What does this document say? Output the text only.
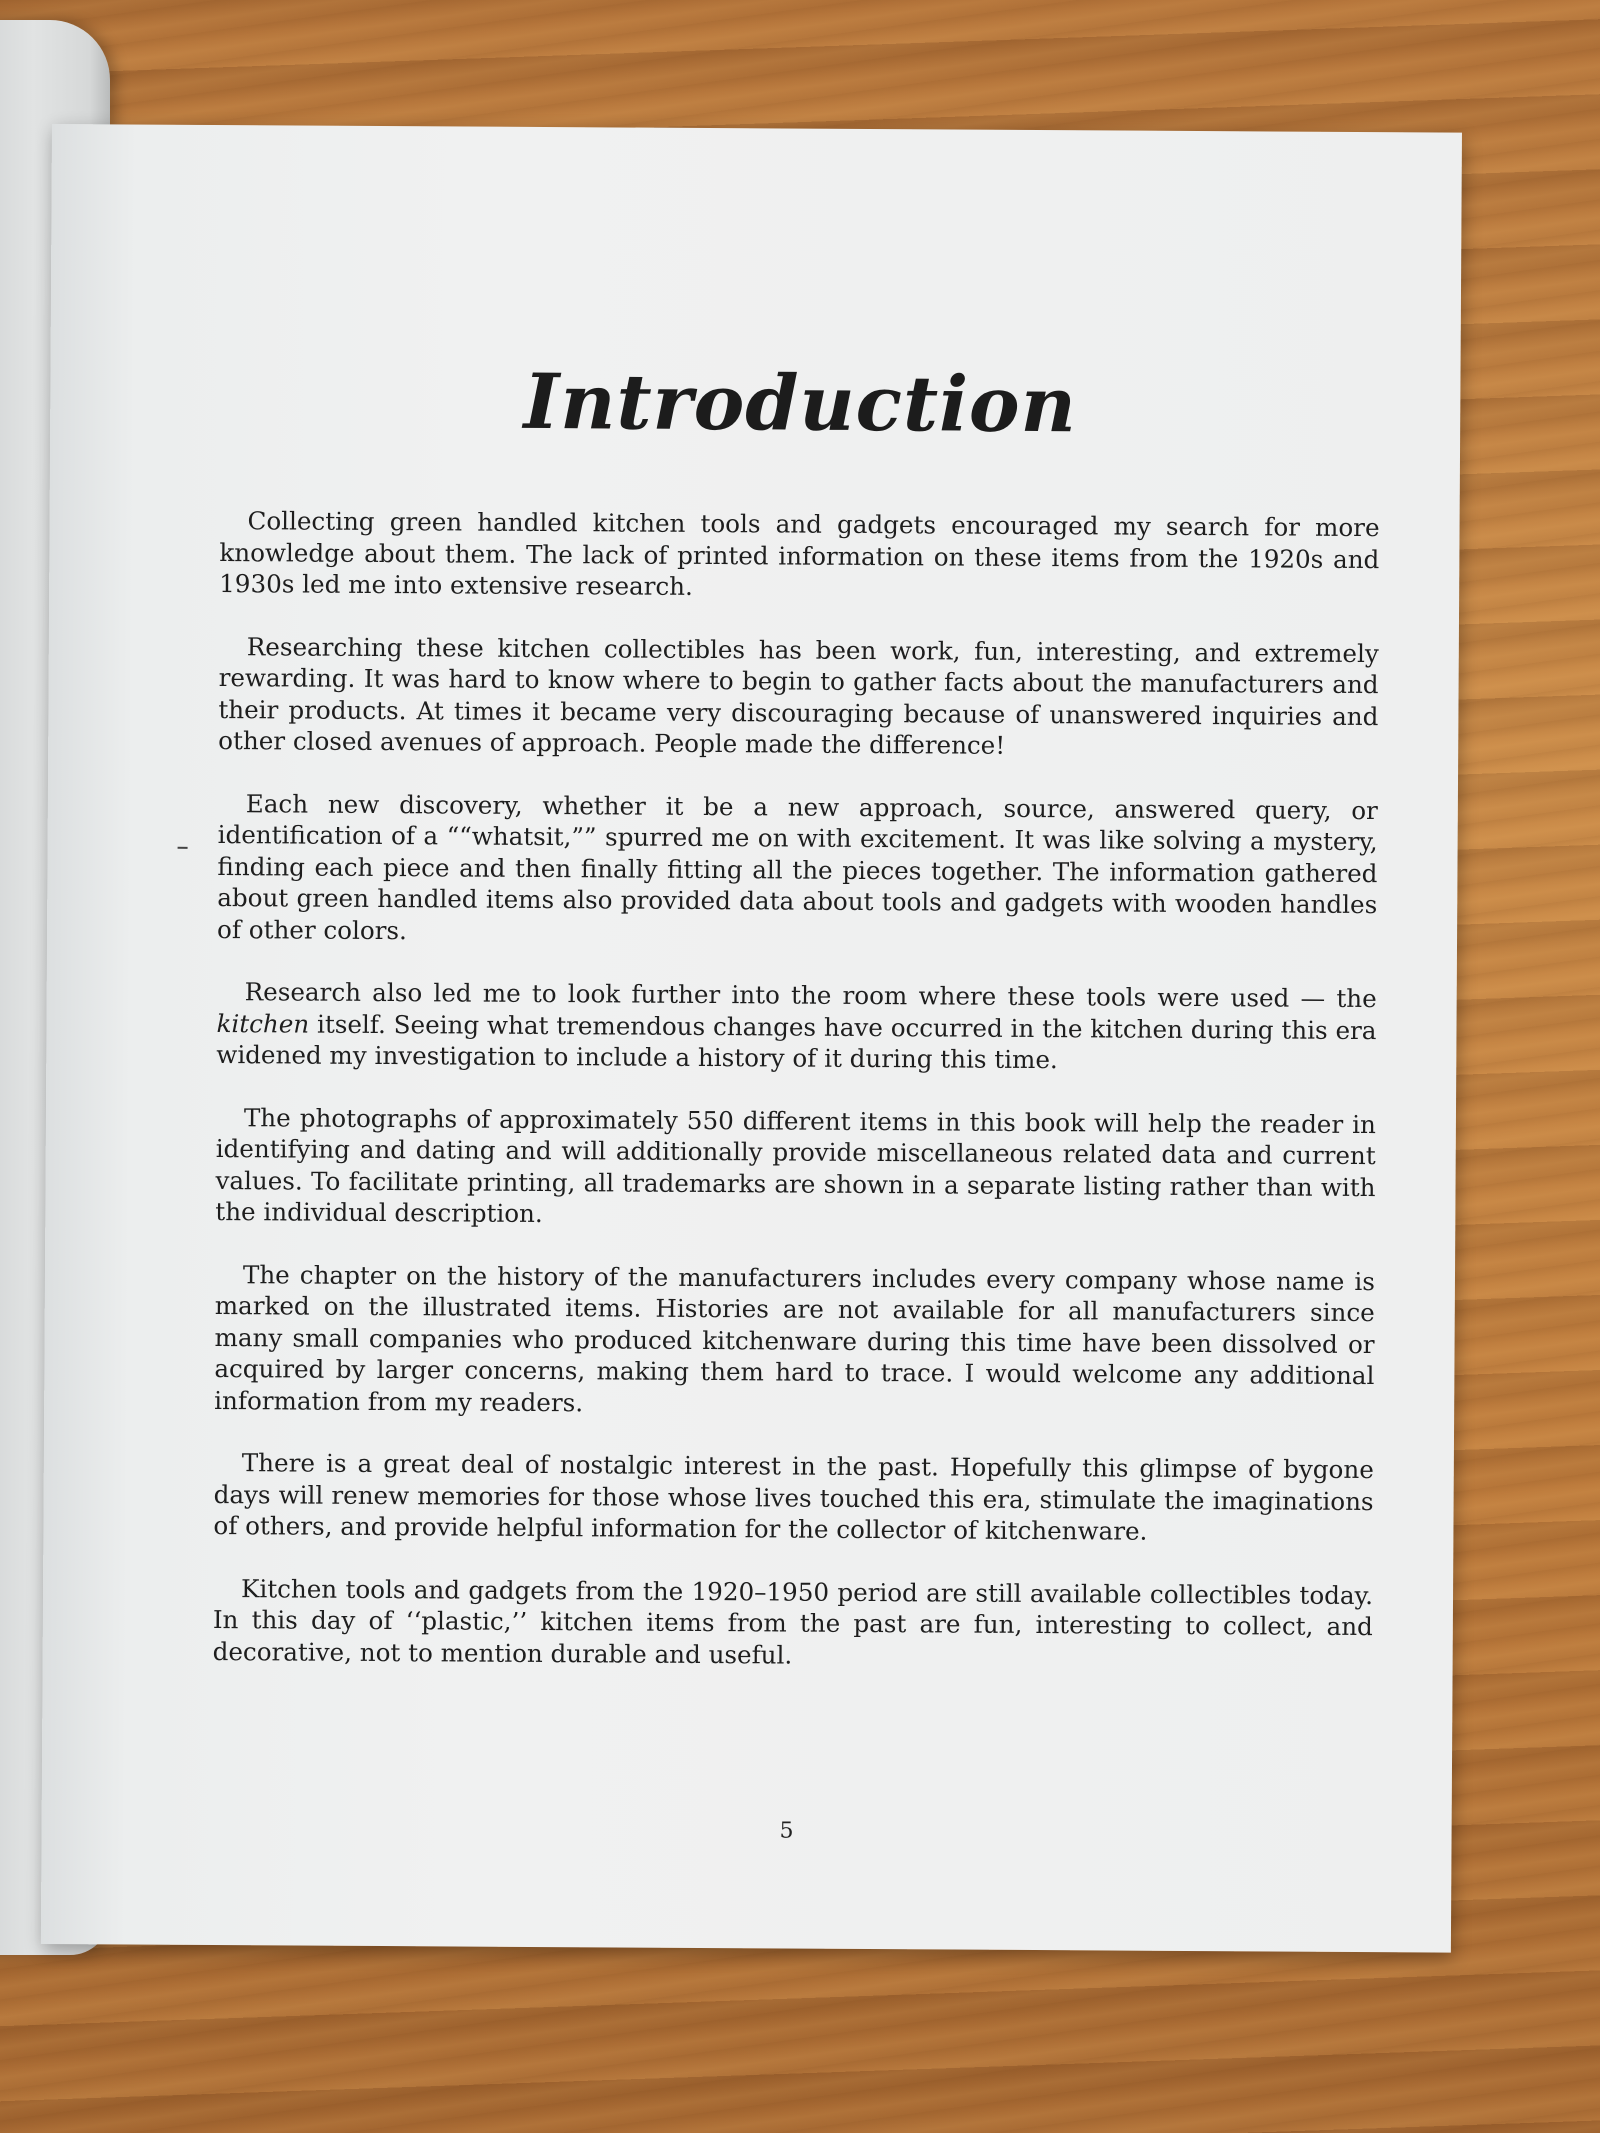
Introduction

Collecting green handled kitchen tools and gadgets encouraged my search for more knowledge about them. The lack of printed information on these items from the 1920s and 1930s led me into extensive research.

Researching these kitchen collectibles has been work, fun, interesting, and extremely rewarding. It was hard to know where to begin to gather facts about the manufacturers and their products. At times it became very discouraging because of unanswered inquiries and other closed avenues of approach. People made the difference!

Each new discovery, whether it be a new approach, source, answered query, or identification of a ““whatsit,”” spurred me on with excitement. It was like solving a mystery, finding each piece and then finally fitting all the pieces together. The information gathered about green handled items also provided data about tools and gadgets with wooden handles of other colors.

Research also led me to look further into the room where these tools were used — the kitchen itself. Seeing what tremendous changes have occurred in the kitchen during this era widened my investigation to include a history of it during this time.

The photographs of approximately 550 different items in this book will help the reader in identifying and dating and will additionally provide miscellaneous related data and current values. To facilitate printing, all trademarks are shown in a separate listing rather than with the individual description.

The chapter on the history of the manufacturers includes every company whose name is marked on the illustrated items. Histories are not available for all manufacturers since many small companies who produced kitchenware during this time have been dissolved or acquired by larger concerns, making them hard to trace. I would welcome any additional information from my readers.

There is a great deal of nostalgic interest in the past. Hopefully this glimpse of bygone days will renew memories for those whose lives touched this era, stimulate the imaginations of others, and provide helpful information for the collector of kitchenware.

Kitchen tools and gadgets from the 1920–1950 period are still available collectibles today. In this day of ‘‘plastic,’’ kitchen items from the past are fun, interesting to collect, and decorative, not to mention durable and useful.

5
